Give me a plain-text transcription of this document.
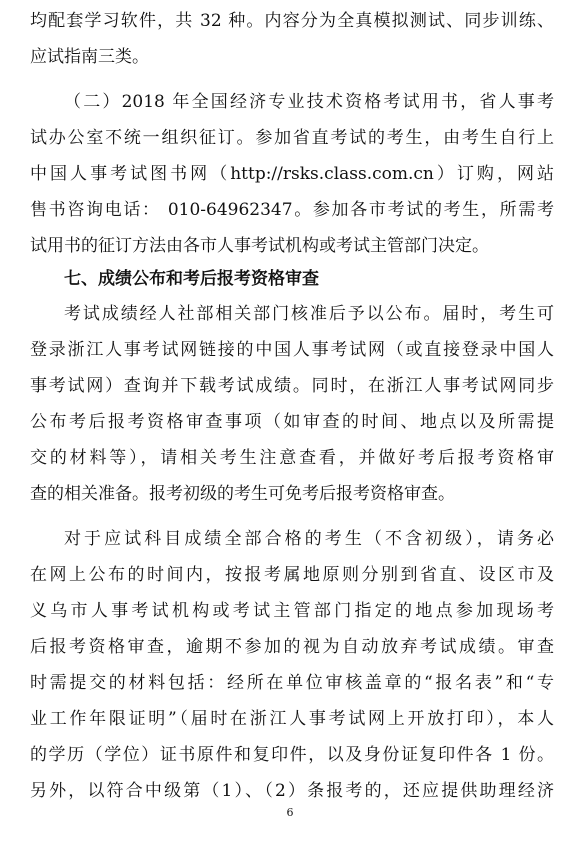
均配套学习软件，共 32 种。内容分为全真模拟测试、同步训练、
应试指南三类。
（二）2018 年全国经济专业技术资格考试用书，省人事考
试办公室不统一组织征订。参加省直考试的考生，由考生自行上
中国人事考试图书网（http://rsks.class.com.cn）订购，网站
售书咨询电话： 010-64962347。参加各市考试的考生，所需考
试用书的征订方法由各市人事考试机构或考试主管部门决定。
七、成绩公布和考后报考资格审查
考试成绩经人社部相关部门核准后予以公布。届时，考生可
登录浙江人事考试网链接的中国人事考试网（或直接登录中国人
事考试网）查询并下载考试成绩。同时，在浙江人事考试网同步
公布考后报考资格审查事项（如审查的时间、地点以及所需提
交的材料等），请相关考生注意查看，并做好考后报考资格审
查的相关准备。报考初级的考生可免考后报考资格审查。
对于应试科目成绩全部合格的考生（不含初级），请务必
在网上公布的时间内，按报考属地原则分别到省直、设区市及
义乌市人事考试机构或考试主管部门指定的地点参加现场考
后报考资格审查，逾期不参加的视为自动放弃考试成绩。审查
时需提交的材料包括：经所在单位审核盖章的“报名表”和“专
业工作年限证明”（届时在浙江人事考试网上开放打印），本人
的学历（学位）证书原件和复印件，以及身份证复印件各 1 份。
另外，以符合中级第（1）、（2）条报考的，还应提供助理经济
6
